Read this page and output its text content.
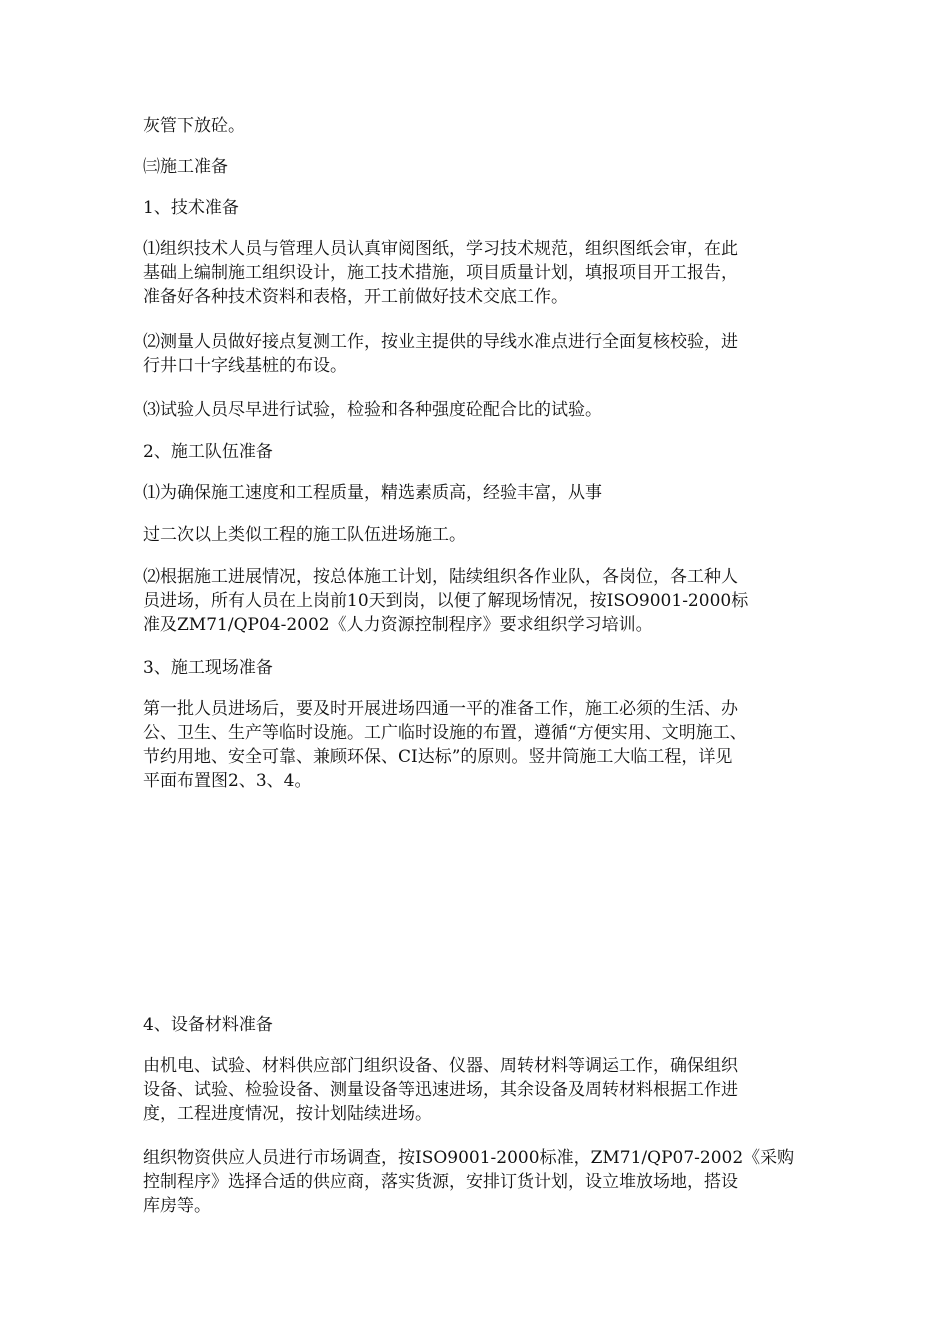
灰管下放砼。

㈢施工准备

1、技术准备

⑴组织技术人员与管理人员认真审阅图纸，学习技术规范，组织图纸会审，在此
基础上编制施工组织设计，施工技术措施，项目质量计划，填报项目开工报告，
准备好各种技术资料和表格，开工前做好技术交底工作。

⑵测量人员做好接点复测工作，按业主提供的导线水准点进行全面复核校验，进
行井口十字线基桩的布设。

⑶试验人员尽早进行试验，检验和各种强度砼配合比的试验。

2、施工队伍准备

⑴为确保施工速度和工程质量，精选素质高，经验丰富，从事

过二次以上类似工程的施工队伍进场施工。

⑵根据施工进展情况，按总体施工计划，陆续组织各作业队，各岗位，各工种人
员进场，所有人员在上岗前10天到岗，以便了解现场情况，按ISO9001-2000标
准及ZM71/QP04-2002《人力资源控制程序》要求组织学习培训。

3、施工现场准备

第一批人员进场后，要及时开展进场四通一平的准备工作，施工必须的生活、办
公、卫生、生产等临时设施。工广临时设施的布置，遵循“方便实用、文明施工、
节约用地、安全可靠、兼顾环保、CI达标”的原则。竖井筒施工大临工程，详见
平面布置图2、3、4。

4、设备材料准备

由机电、试验、材料供应部门组织设备、仪器、周转材料等调运工作，确保组织
设备、试验、检验设备、测量设备等迅速进场，其余设备及周转材料根据工作进
度，工程进度情况，按计划陆续进场。

组织物资供应人员进行市场调查，按ISO9001-2000标准，ZM71/QP07-2002《采购
控制程序》选择合适的供应商，落实货源，安排订货计划，设立堆放场地，搭设
库房等。
